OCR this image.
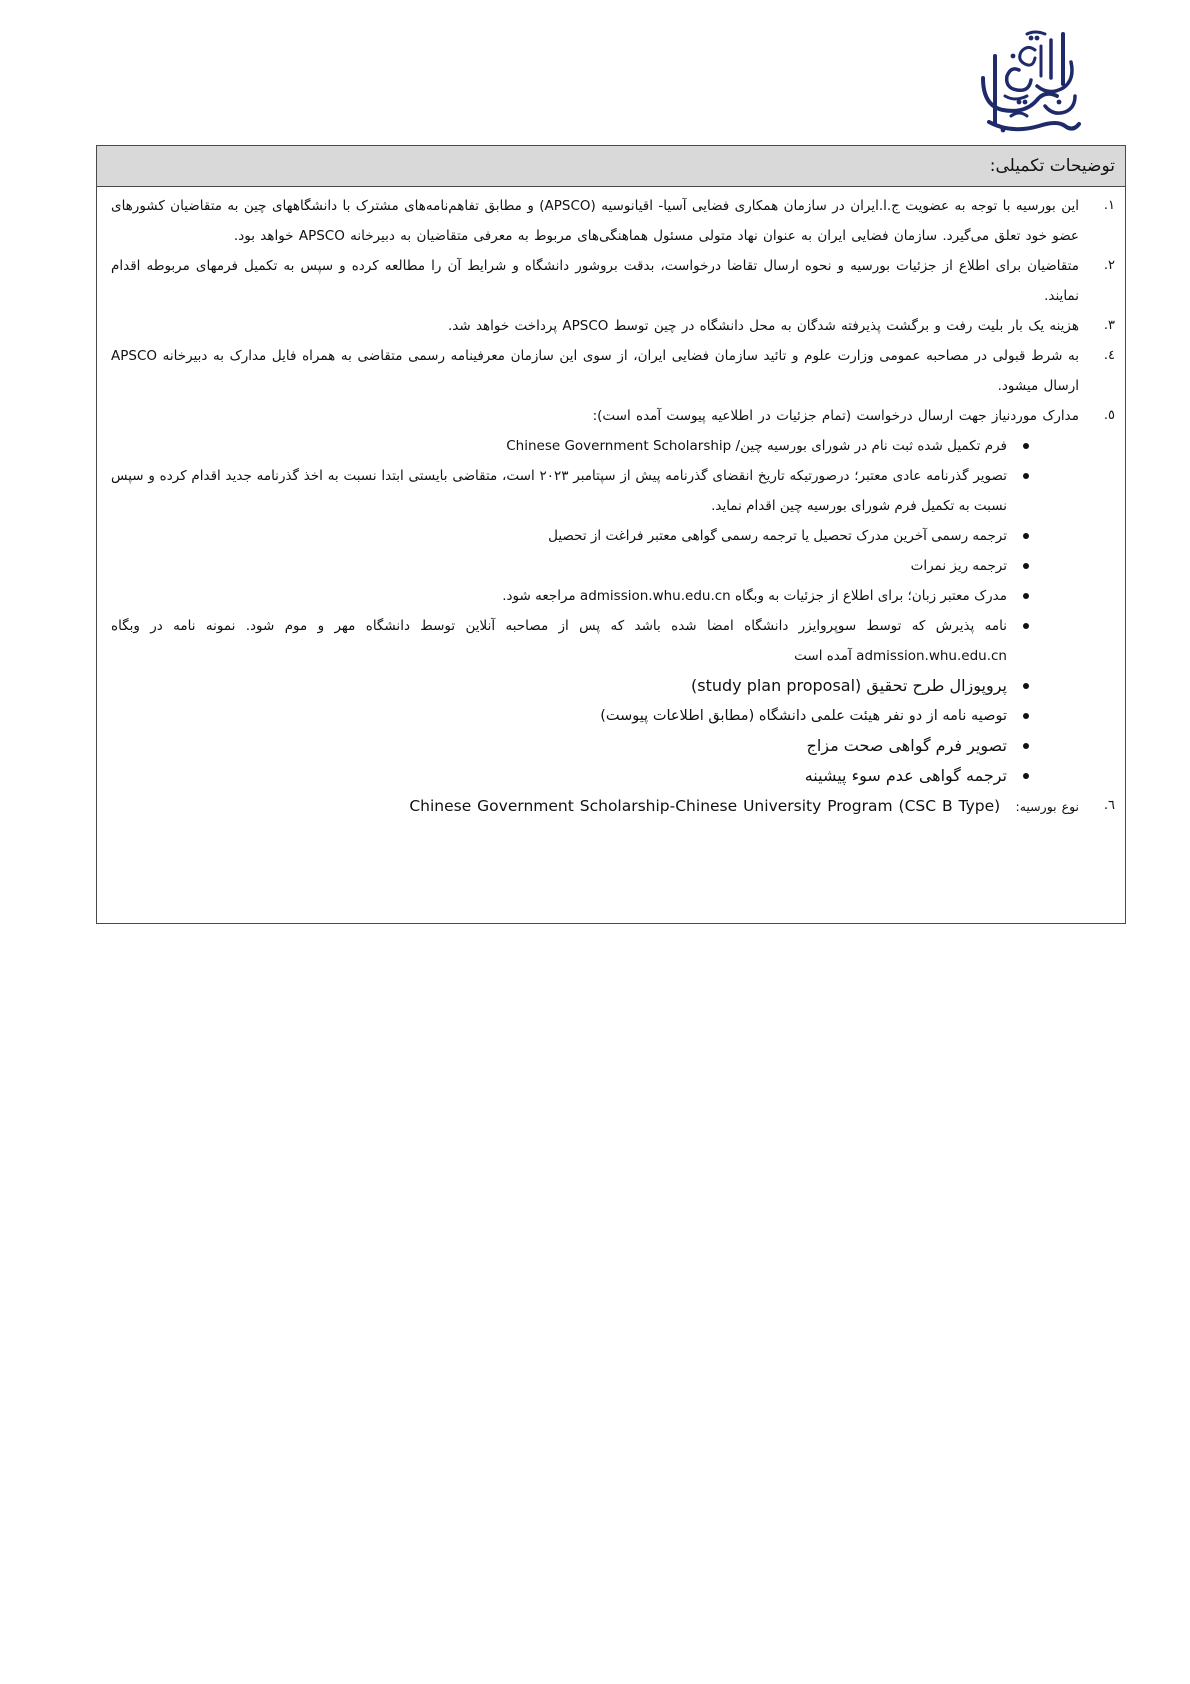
توضیحات تکمیلی:
١.
این بورسیه با توجه به عضویت ج.ا.ایران در سازمان همکاری فضایی آسیا- اقیانوسیه (APSCO) و مطابق تفاهم‌نامه‌های مشترک با دانشگاههای چین به متقاضیان کشورهای عضو خود تعلق می‌گیرد. سازمان فضایی ایران به عنوان نهاد متولی مسئول هماهنگی‌های مربوط به معرفی متقاضیان به دبیرخانه APSCO خواهد بود.
٢.
متقاضیان برای اطلاع از جزئیات بورسیه و نحوه ارسال تقاضا درخواست، بدقت بروشور دانشگاه و شرایط آن را مطالعه کرده و سپس به تکمیل فرمهای مربوطه اقدام نمایند.
٣.
هزینه یک بار بلیت رفت و برگشت پذیرفته شدگان به محل دانشگاه در چین توسط APSCO پرداخت خواهد شد.
٤.
به شرط قبولی در مصاحبه عمومی وزارت علوم و تائید سازمان فضایی ایران، از سوی این سازمان معرفینامه رسمی متقاضی به همراه فایل مدارک به دبیرخانه APSCO ارسال میشود.
٥.
مدارک موردنیاز جهت ارسال درخواست (تمام جزئیات در اطلاعیه پیوست آمده است):
فرم تکمیل شده ثبت نام در شورای بورسیه چین/ Chinese Government Scholarship
تصویر گذرنامه عادی معتبر؛ درصورتیکه تاریخ انقضای گذرنامه پیش از سپتامبر ۲۰۲۳ است، متقاضی بایستی ابتدا نسبت به اخذ گذرنامه جدید اقدام کرده و سپس نسبت به تکمیل فرم شورای بورسیه چین اقدام نماید.
ترجمه رسمی آخرین مدرک تحصیل یا ترجمه رسمی گواهی معتبر فراغت از تحصیل
ترجمه ریز نمرات
مدرک معتبر زبان؛ برای اطلاع از جزئیات به وبگاه admission.whu.edu.cn مراجعه شود.
نامه پذیرش که توسط سوپروایزر دانشگاه امضا شده باشد که پس از مصاحبه آنلاین توسط دانشگاه مهر و موم شود. نمونه نامه در وبگاه admission.whu.edu.cn آمده است
پروپوزال طرح تحقیق (study plan proposal)
توصیه نامه از دو نفر هیئت علمی دانشگاه (مطابق اطلاعات پیوست)
تصویر فرم گواهی صحت مزاج
ترجمه گواهی عدم سوء پیشینه
٦.
نوع بورسیه: Chinese Government Scholarship-Chinese University Program (CSC B Type)
